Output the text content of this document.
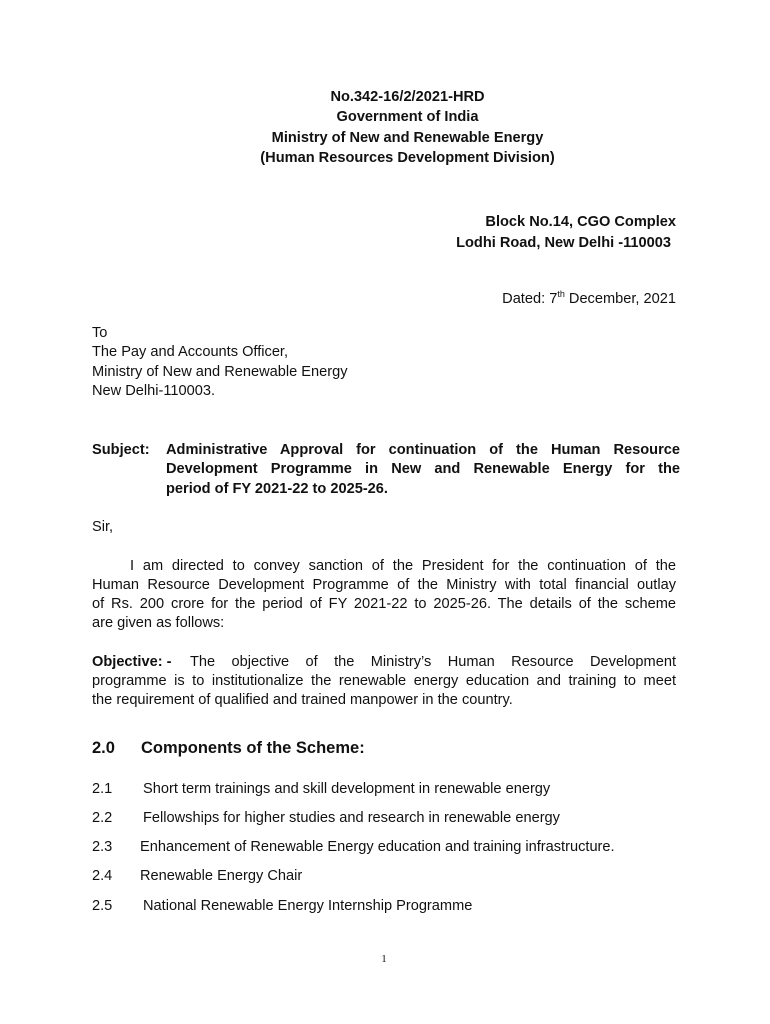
No.342-16/2/2021-HRD
Government of India
Ministry of New and Renewable Energy
(Human Resources Development Division)
Block No.14, CGO Complex
Lodhi Road, New Delhi -110003
Dated: 7th December, 2021
To
The Pay and Accounts Officer,
Ministry of New and Renewable Energy
New Delhi-110003.
Subject: Administrative Approval for continuation of the Human Resource
Development Programme in New and Renewable Energy for the
period of FY 2021-22 to 2025-26.
Sir,
I am directed to convey sanction of the President for the continuation of the
Human Resource Development Programme of the Ministry with total financial outlay
of Rs. 200 crore for the period of FY 2021-22 to 2025-26. The details of the scheme
are given as follows:
Objective: - The objective of the Ministry’s Human Resource Development
programme is to institutionalize the renewable energy education and training to meet
the requirement of qualified and trained manpower in the country.
2.0 Components of the Scheme:
2.1 Short term trainings and skill development in renewable energy
2.2 Fellowships for higher studies and research in renewable energy
2.3 Enhancement of Renewable Energy education and training infrastructure.
2.4 Renewable Energy Chair
2.5 National Renewable Energy Internship Programme
1
